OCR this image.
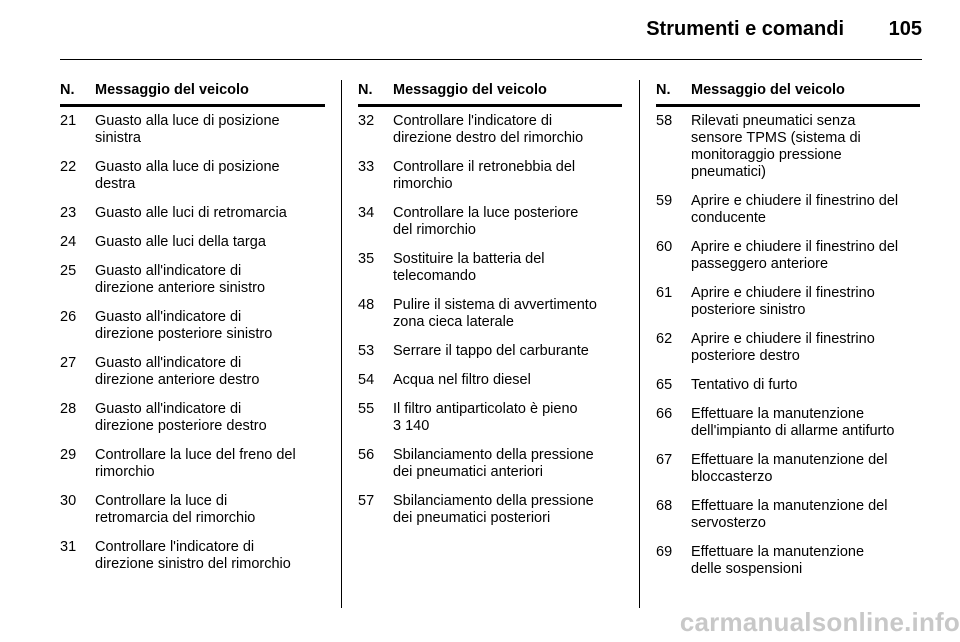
Strumenti e comandi 105
N. Messaggio del veicolo
21 Guasto alla luce di posizione
sinistra
22 Guasto alla luce di posizione
destra
23 Guasto alle luci di retromarcia
24 Guasto alle luci della targa
25 Guasto all'indicatore di
direzione anteriore sinistro
26 Guasto all'indicatore di
direzione posteriore sinistro
27 Guasto all'indicatore di
direzione anteriore destro
28 Guasto all'indicatore di
direzione posteriore destro
29 Controllare la luce del freno del
rimorchio
30 Controllare la luce di
retromarcia del rimorchio
31 Controllare l'indicatore di
direzione sinistro del rimorchio
N. Messaggio del veicolo
32 Controllare l'indicatore di
direzione destro del rimorchio
33 Controllare il retronebbia del
rimorchio
34 Controllare la luce posteriore
del rimorchio
35 Sostituire la batteria del
telecomando
48 Pulire il sistema di avvertimento
zona cieca laterale
53 Serrare il tappo del carburante
54 Acqua nel filtro diesel
55 Il filtro antiparticolato è pieno
3 140
56 Sbilanciamento della pressione
dei pneumatici anteriori
57 Sbilanciamento della pressione
dei pneumatici posteriori
N. Messaggio del veicolo
58 Rilevati pneumatici senza
sensore TPMS (sistema di
monitoraggio pressione
pneumatici)
59 Aprire e chiudere il finestrino del
conducente
60 Aprire e chiudere il finestrino del
passeggero anteriore
61 Aprire e chiudere il finestrino
posteriore sinistro
62 Aprire e chiudere il finestrino
posteriore destro
65 Tentativo di furto
66 Effettuare la manutenzione
dell'impianto di allarme antifurto
67 Effettuare la manutenzione del
bloccasterzo
68 Effettuare la manutenzione del
servosterzo
69 Effettuare la manutenzione
delle sospensioni
carmanualsonline.info
